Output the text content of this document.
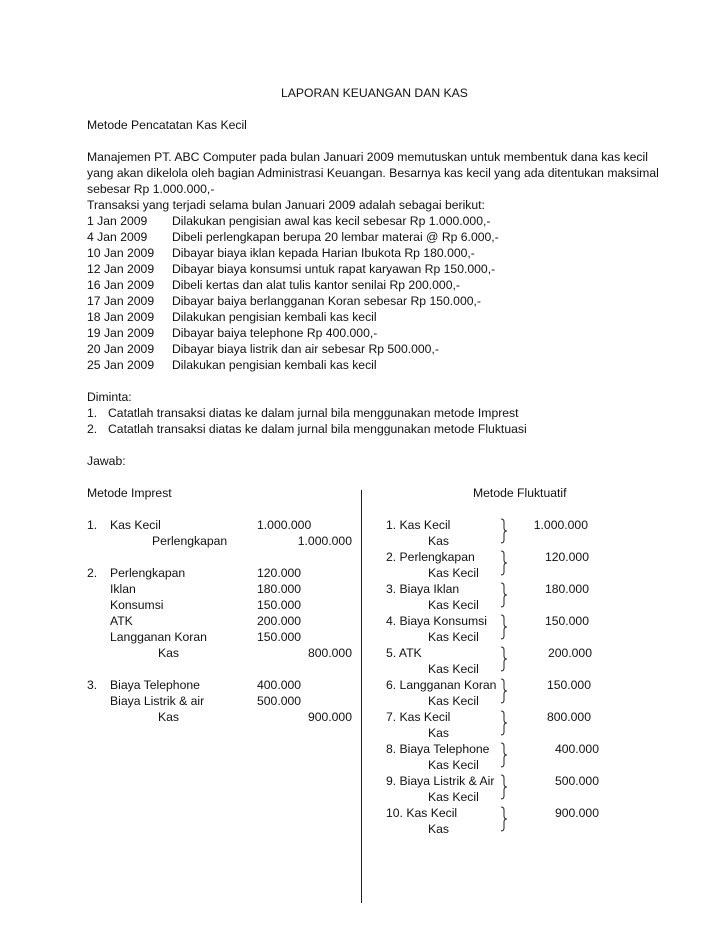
LAPORAN KEUANGAN DAN KAS
Metode Pencatatan Kas Kecil
Manajemen PT. ABC Computer pada bulan Januari 2009 memutuskan untuk membentuk dana kas kecil
yang akan dikelola oleh bagian Administrasi Keuangan. Besarnya kas kecil yang ada ditentukan maksimal
sebesar Rp 1.000.000,-
Transaksi yang terjadi selama bulan Januari 2009 adalah sebagai berikut:
1 Jan 2009 Dilakukan pengisian awal kas kecil sebesar Rp 1.000.000,-
4 Jan 2009 Dibeli perlengkapan berupa 20 lembar materai @ Rp 6.000,-
10 Jan 2009 Dibayar biaya iklan kepada Harian Ibukota Rp 180.000,-
12 Jan 2009 Dibayar biaya konsumsi untuk rapat karyawan Rp 150.000,-
16 Jan 2009 Dibeli kertas dan alat tulis kantor senilai Rp 200.000,-
17 Jan 2009 Dibayar baiya berlangganan Koran sebesar Rp 150.000,-
18 Jan 2009 Dilakukan pengisian kembali kas kecil
19 Jan 2009 Dibayar baiya telephone Rp 400.000,-
20 Jan 2009 Dibayar biaya listrik dan air sebesar Rp 500.000,-
25 Jan 2009 Dilakukan pengisian kembali kas kecil
Diminta:
1. Catatlah transaksi diatas ke dalam jurnal bila menggunakan metode Imprest
2. Catatlah transaksi diatas ke dalam jurnal bila menggunakan metode Fluktuasi
Jawab:
Metode Imprest	Metode Fluktuatif
1. Kas Kecil	1.000.000
Perlengkapan	1.000.000
2. Perlengkapan	120.000
Iklan	180.000
Konsumsi	150.000
ATK	200.000
Langganan Koran	150.000
Kas	800.000
3. Biaya Telephone	400.000
Biaya Listrik & air	500.000
Kas	900.000
1. Kas Kecil
Kas
1.000.000
2. Perlengkapan
Kas Kecil
120.000
3. Biaya Iklan
Kas Kecil
180.000
4. Biaya Konsumsi
Kas Kecil
150.000
5. ATK
Kas Kecil
200.000
6. Langganan Koran
Kas Kecil
150.000
7. Kas Kecil
Kas
800.000
8. Biaya Telephone
Kas Kecil
400.000
9. Biaya Listrik & Air
Kas Kecil
500.000
10. Kas Kecil
Kas
900.000
